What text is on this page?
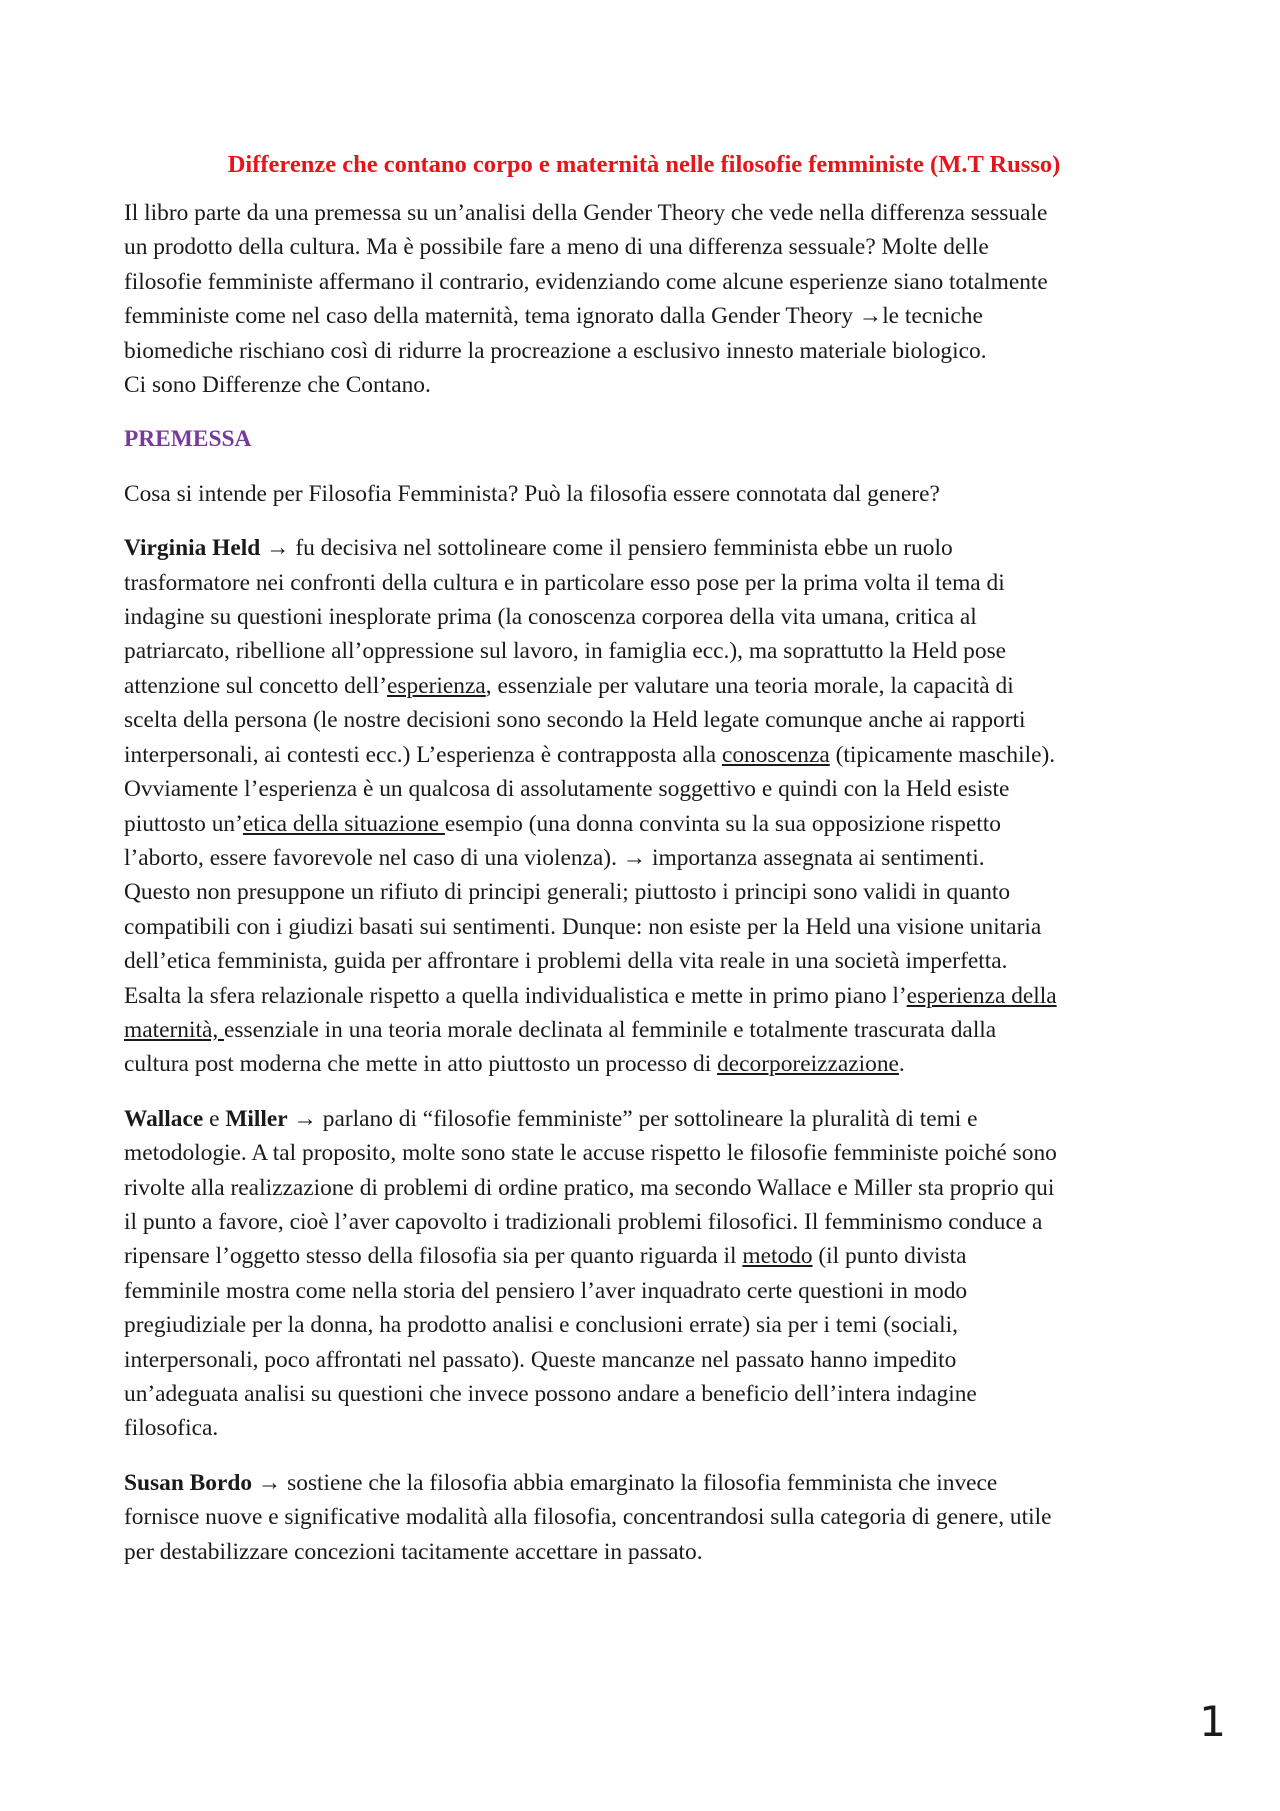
Differenze che contano corpo e maternità nelle filosofie femministe (M.T Russo)
Il libro parte da una premessa su un’analisi della Gender Theory che vede nella differenza sessuale
un prodotto della cultura. Ma è possibile fare a meno di una differenza sessuale? Molte delle
filosofie femministe affermano il contrario, evidenziando come alcune esperienze siano totalmente
femministe come nel caso della maternità, tema ignorato dalla Gender Theory →le tecniche
biomediche rischiano così di ridurre la procreazione a esclusivo innesto materiale biologico.
Ci sono Differenze che Contano.
PREMESSA
Cosa si intende per Filosofia Femminista? Può la filosofia essere connotata dal genere?
Virginia Held → fu decisiva nel sottolineare come il pensiero femminista ebbe un ruolo
trasformatore nei confronti della cultura e in particolare esso pose per la prima volta il tema di
indagine su questioni inesplorate prima (la conoscenza corporea della vita umana, critica al
patriarcato, ribellione all’oppressione sul lavoro, in famiglia ecc.), ma soprattutto la Held pose
attenzione sul concetto dell’esperienza, essenziale per valutare una teoria morale, la capacità di
scelta della persona (le nostre decisioni sono secondo la Held legate comunque anche ai rapporti
interpersonali, ai contesti ecc.) L’esperienza è contrapposta alla conoscenza (tipicamente maschile).
Ovviamente l’esperienza è un qualcosa di assolutamente soggettivo e quindi con la Held esiste
piuttosto un’etica della situazione esempio (una donna convinta su la sua opposizione rispetto
l’aborto, essere favorevole nel caso di una violenza). → importanza assegnata ai sentimenti.
Questo non presuppone un rifiuto di principi generali; piuttosto i principi sono validi in quanto
compatibili con i giudizi basati sui sentimenti. Dunque: non esiste per la Held una visione unitaria
dell’etica femminista, guida per affrontare i problemi della vita reale in una società imperfetta.
Esalta la sfera relazionale rispetto a quella individualistica e mette in primo piano l’esperienza della
maternità, essenziale in una teoria morale declinata al femminile e totalmente trascurata dalla
cultura post moderna che mette in atto piuttosto un processo di decorporeizzazione.
Wallace e Miller → parlano di “filosofie femministe” per sottolineare la pluralità di temi e
metodologie. A tal proposito, molte sono state le accuse rispetto le filosofie femministe poiché sono
rivolte alla realizzazione di problemi di ordine pratico, ma secondo Wallace e Miller sta proprio qui
il punto a favore, cioè l’aver capovolto i tradizionali problemi filosofici. Il femminismo conduce a
ripensare l’oggetto stesso della filosofia sia per quanto riguarda il metodo (il punto divista
femminile mostra come nella storia del pensiero l’aver inquadrato certe questioni in modo
pregiudiziale per la donna, ha prodotto analisi e conclusioni errate) sia per i temi (sociali,
interpersonali, poco affrontati nel passato). Queste mancanze nel passato hanno impedito
un’adeguata analisi su questioni che invece possono andare a beneficio dell’intera indagine
filosofica.
Susan Bordo → sostiene che la filosofia abbia emarginato la filosofia femminista che invece
fornisce nuove e significative modalità alla filosofia, concentrandosi sulla categoria di genere, utile
per destabilizzare concezioni tacitamente accettare in passato.
1
